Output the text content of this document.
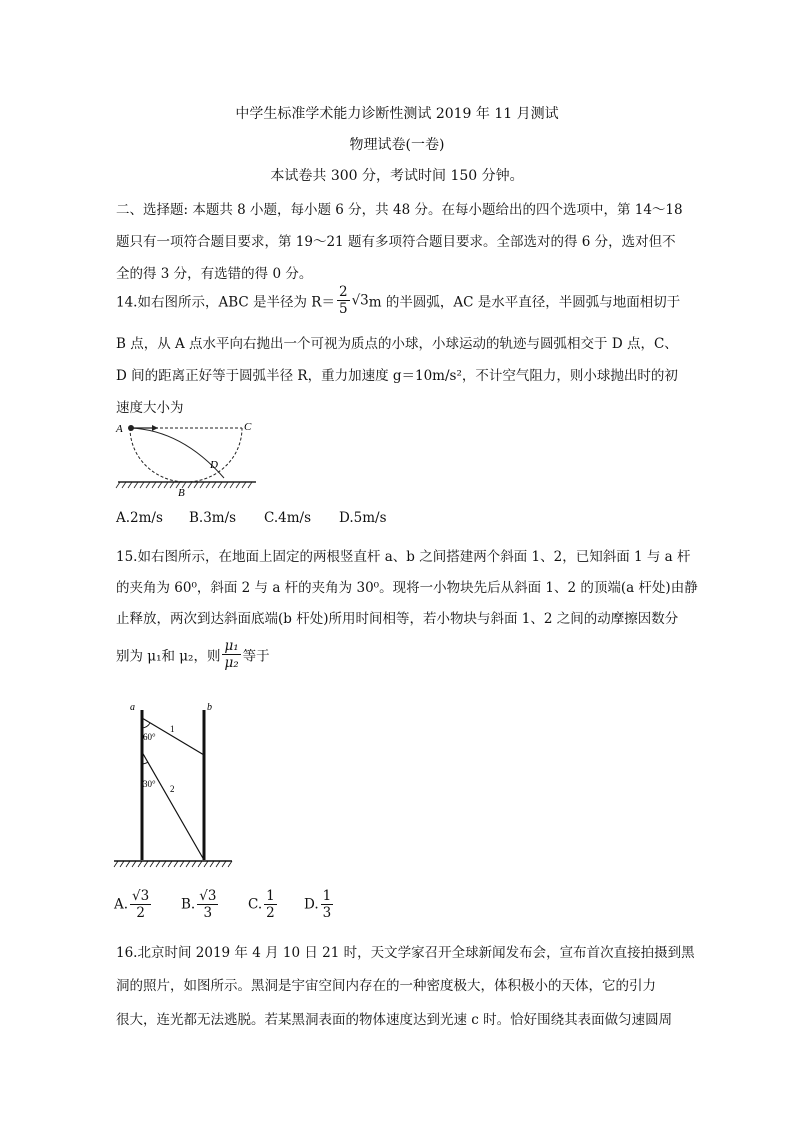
中学生标准学术能力诊断性测试 2019 年 11 月测试
物理试卷(一卷)
本试卷共 300 分，考试时间 150 分钟。
二、选择题: 本题共 8 小题，每小题 6 分，共 48 分。在每小题给出的四个选项中，第 14～18
题只有一项符合题目要求，第 19～21 题有多项符合题目要求。全部选对的得 6 分，选对但不
全的得 3 分，有选错的得 0 分。
14.如右图所示，ABC 是半径为 $R= \frac{2}{5} √3m$ 的半圆弧，AC 是水平直径，半圆弧与地面相切于
B 点，从 A 点水平向右抛出一个可视为质点的小球，小球运动的轨迹与圆弧相交于 D 点，C、
D 间的距离正好等于圆弧半径 R，重力加速度 g＝10m/s²，不计空气阻力，则小球抛出时的初
速度大小为
A	C
D
B
A.2m/s B.3m/s C.4m/s D.5m/s
15.如右图所示，在地面上固定的两根竖直杆 a、b 之间搭建两个斜面 1、2，已知斜面 1 与 a 杆
的夹角为 60⁰，斜面 2 与 a 杆的夹角为 30⁰。现将一小物块先后从斜面 1、2 的顶端(a 杆处)由静
止释放，两次到达斜面底端(b 杆处)所用时间相等，若小物块与斜面 1、2 之间的动摩擦因数分
别为 μ₁和 μ₂，则 $\frac{\text{μ₁}}{\text{μ₂}}$ 等于
a	b
1
2
60°
30°
A. $\frac{√3}{2} B$. $\frac{√3}{3} C$. $\frac{1}{2} D$. $\frac{1}{3}$
16.北京时间 2019 年 4 月 10 日 21 时，天文学家召开全球新闻发布会，宣布首次直接拍摄到黑
洞的照片，如图所示。黑洞是宇宙空间内存在的一种密度极大，体积极小的天体，它的引力
很大，连光都无法逃脱。若某黑洞表面的物体速度达到光速 c 时。恰好围绕其表面做匀速圆周
